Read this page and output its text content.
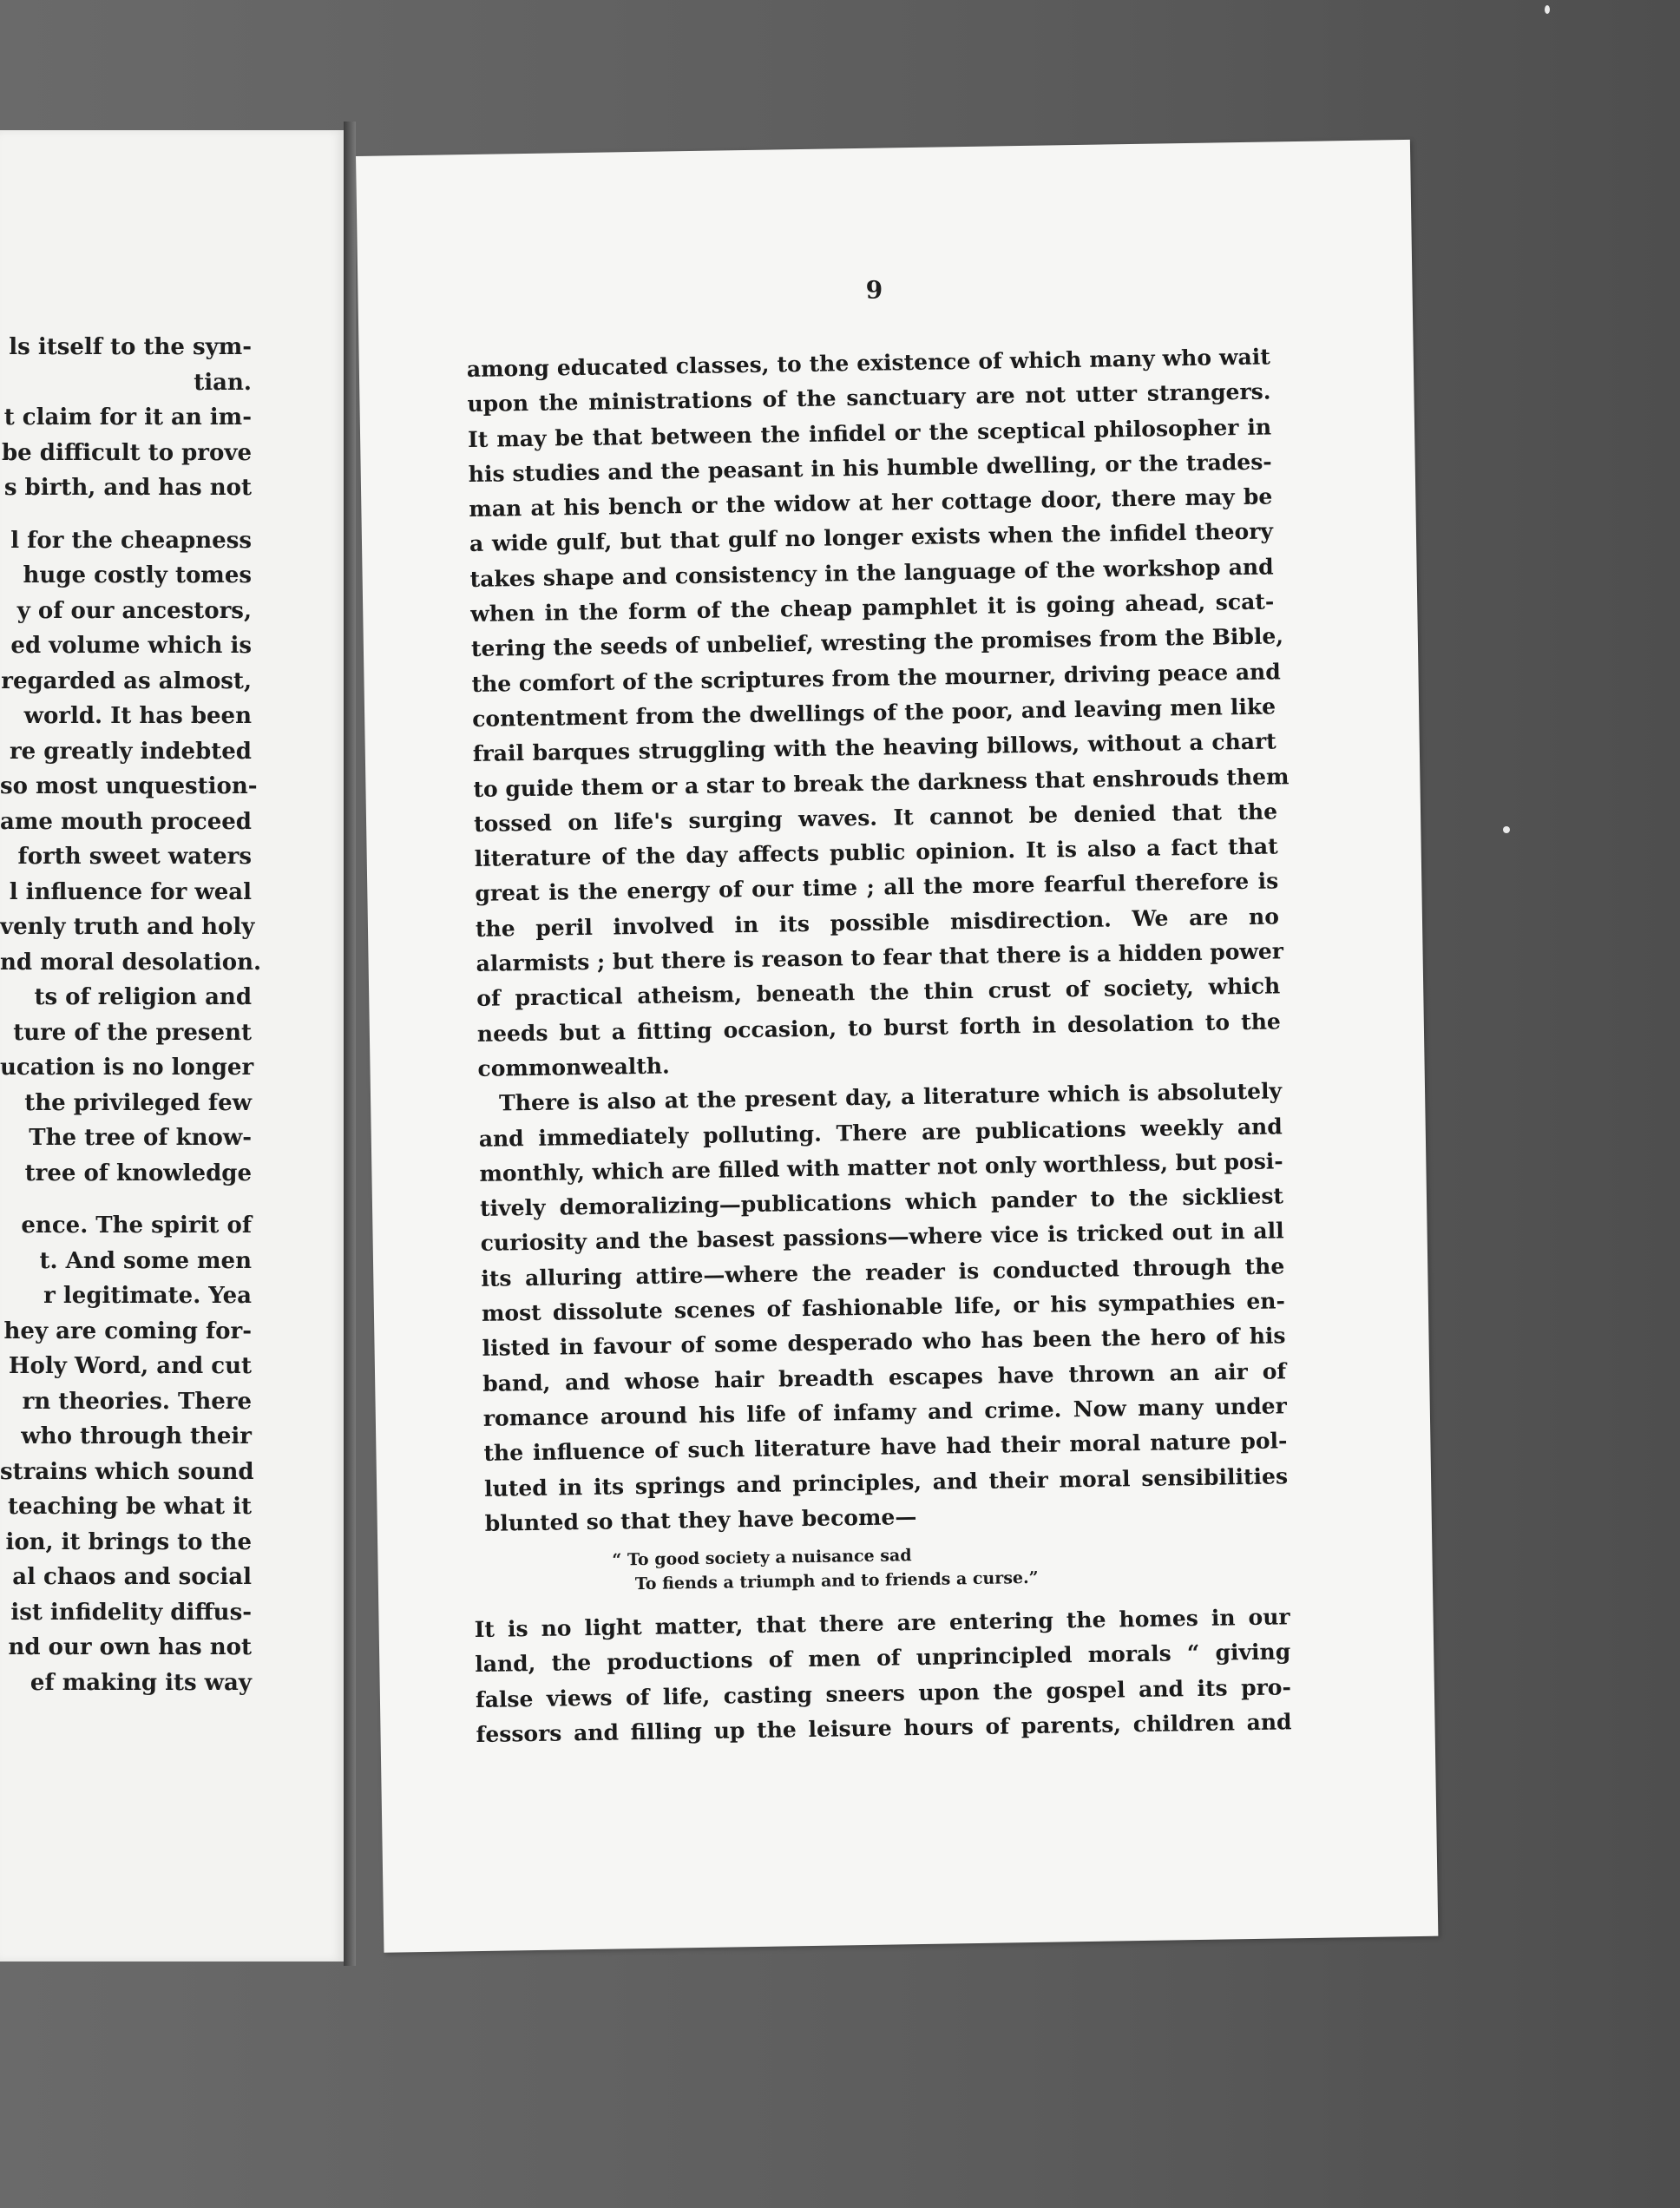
ls itself to the sym-
tian.
t claim for it an im-
be difficult to prove
s birth, and has not
l for the cheapness
huge costly tomes
y of our ancestors,
ed volume which is
regarded as almost,
world. It has been
re greatly indebted
so most unquestion-
ame mouth proceed
forth sweet waters
l influence for weal
venly truth and holy
nd moral desolation.
ts of religion and
ture of the present
ucation is no longer
the privileged few
The tree of know-
tree of knowledge
ence. The spirit of
t. And some men
r legitimate. Yea
hey are coming for-
Holy Word, and cut
rn theories. There
who through their
strains which sound
teaching be what it
ion, it brings to the
al chaos and social
ist infidelity diffus-
nd our own has not
ef making its way
9
among educated classes, to the existence of which many who wait
upon the ministrations of the sanctuary are not utter strangers.
It may be that between the infidel or the sceptical philosopher in
his studies and the peasant in his humble dwelling, or the trades-
man at his bench or the widow at her cottage door, there may be
a wide gulf, but that gulf no longer exists when the infidel theory
takes shape and consistency in the language of the workshop and
when in the form of the cheap pamphlet it is going ahead, scat-
tering the seeds of unbelief, wresting the promises from the Bible,
the comfort of the scriptures from the mourner, driving peace and
contentment from the dwellings of the poor, and leaving men like
frail barques struggling with the heaving billows, without a chart
to guide them or a star to break the darkness that enshrouds them
tossed on life's surging waves. It cannot be denied that the
literature of the day affects public opinion. It is also a fact that
great is the energy of our time ; all the more fearful therefore is
the peril involved in its possible misdirection. We are no
alarmists ; but there is reason to fear that there is a hidden power
of practical atheism, beneath the thin crust of society, which
needs but a fitting occasion, to burst forth in desolation to the
commonwealth.
There is also at the present day, a literature which is absolutely
and immediately polluting. There are publications weekly and
monthly, which are filled with matter not only worthless, but posi-
tively demoralizing—publications which pander to the sickliest
curiosity and the basest passions—where vice is tricked out in all
its alluring attire—where the reader is conducted through the
most dissolute scenes of fashionable life, or his sympathies en-
listed in favour of some desperado who has been the hero of his
band, and whose hair breadth escapes have thrown an air of
romance around his life of infamy and crime. Now many under
the influence of such literature have had their moral nature pol-
luted in its springs and principles, and their moral sensibilities
blunted so that they have become—
“ To good society a nuisance sad
To fiends a triumph and to friends a curse.”
It is no light matter, that there are entering the homes in our
land, the productions of men of unprincipled morals “ giving
false views of life, casting sneers upon the gospel and its pro-
fessors and filling up the leisure hours of parents, children and
